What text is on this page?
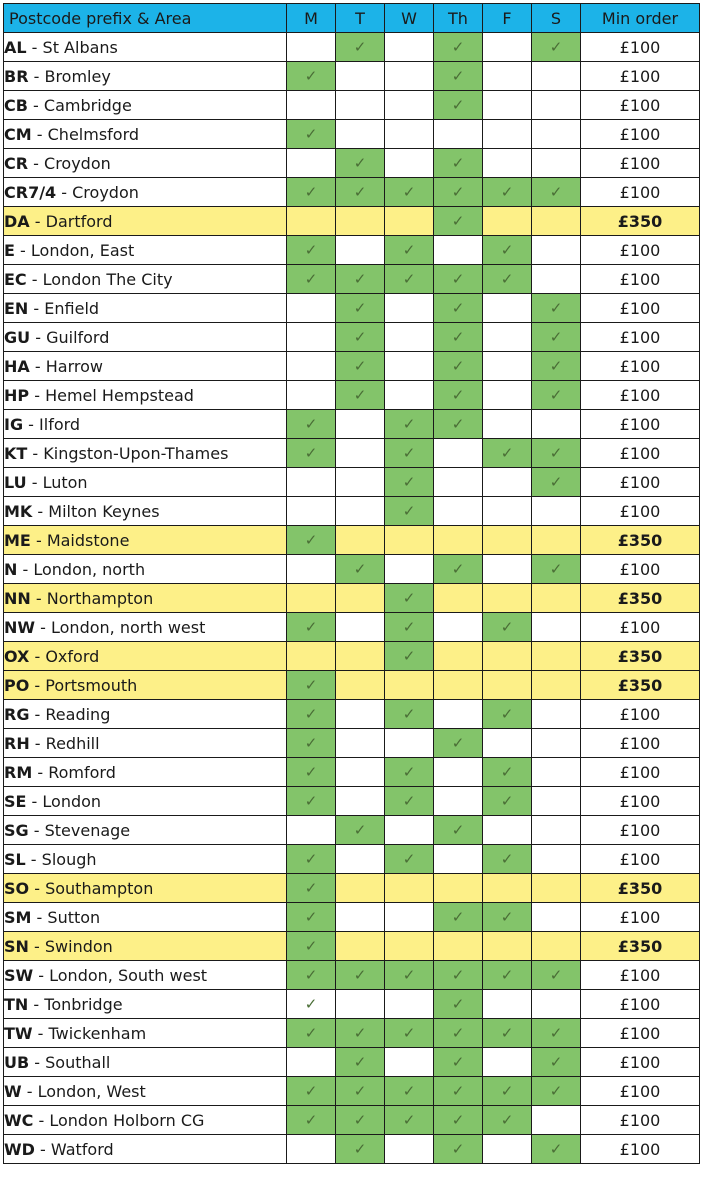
Postcode prefix & Area	M	T	W	Th	F	S	Min order
AL - St Albans		✓		✓		✓	£100
BR - Bromley	✓			✓			£100
CB - Cambridge				✓			£100
CM - Chelmsford	✓						£100
CR - Croydon		✓		✓			£100
CR7/4 - Croydon	✓	✓	✓	✓	✓	✓	£100
DA - Dartford				✓			£350
E - London, East	✓		✓		✓		£100
EC - London The City	✓	✓	✓	✓	✓		£100
EN - Enfield		✓		✓		✓	£100
GU - Guilford		✓		✓		✓	£100
HA - Harrow		✓		✓		✓	£100
HP - Hemel Hempstead		✓		✓		✓	£100
IG - Ilford	✓		✓	✓			£100
KT - Kingston-Upon-Thames	✓		✓		✓	✓	£100
LU - Luton			✓			✓	£100
MK - Milton Keynes			✓				£100
ME - Maidstone	✓						£350
N - London, north		✓		✓		✓	£100
NN - Northampton			✓				£350
NW - London, north west	✓		✓		✓		£100
OX - Oxford			✓				£350
PO - Portsmouth	✓						£350
RG - Reading	✓		✓		✓		£100
RH - Redhill	✓			✓			£100
RM - Romford	✓		✓		✓		£100
SE - London	✓		✓		✓		£100
SG - Stevenage		✓		✓			£100
SL - Slough	✓		✓		✓		£100
SO - Southampton	✓						£350
SM - Sutton	✓			✓	✓		£100
SN - Swindon	✓						£350
SW - London, South west	✓	✓	✓	✓	✓	✓	£100
TN - Tonbridge	✓			✓			£100
TW - Twickenham	✓	✓	✓	✓	✓	✓	£100
UB - Southall		✓		✓		✓	£100
W - London, West	✓	✓	✓	✓	✓	✓	£100
WC - London Holborn CG	✓	✓	✓	✓	✓		£100
WD - Watford		✓		✓		✓	£100
